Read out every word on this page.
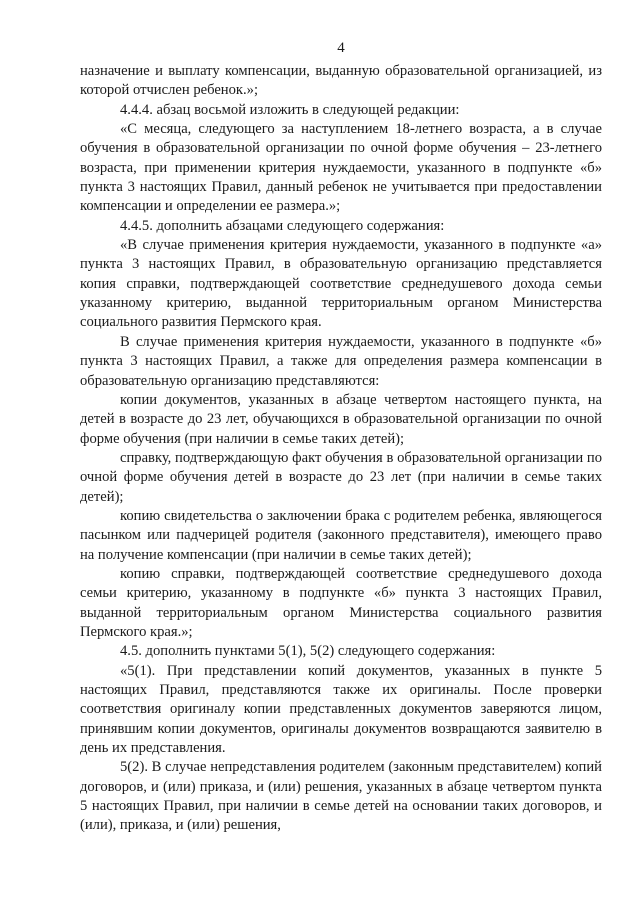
4

назначение и выплату компенсации, выданную образовательной организацией, из которой отчислен ребенок.»;

4.4.4. абзац восьмой изложить в следующей редакции:

«С месяца, следующего за наступлением 18-летнего возраста, а в случае обучения в образовательной организации по очной форме обучения – 23-летнего возраста, при применении критерия нуждаемости, указанного в подпункте «б» пункта 3 настоящих Правил, данный ребенок не учитывается при предоставлении компенсации и определении ее размера.»;

4.4.5. дополнить абзацами следующего содержания:

«В случае применения критерия нуждаемости, указанного в подпункте «а» пункта 3 настоящих Правил, в образовательную организацию представляется копия справки, подтверждающей соответствие среднедушевого дохода семьи указанному критерию, выданной территориальным органом Министерства социального развития Пермского края.

В случае применения критерия нуждаемости, указанного в подпункте «б» пункта 3 настоящих Правил, а также для определения размера компенсации в образовательную организацию представляются:

копии документов, указанных в абзаце четвертом настоящего пункта, на детей в возрасте до 23 лет, обучающихся в образовательной организации по очной форме обучения (при наличии в семье таких детей);

справку, подтверждающую факт обучения в образовательной организации по очной форме обучения детей в возрасте до 23 лет (при наличии в семье таких детей);

копию свидетельства о заключении брака с родителем ребенка, являющегося пасынком или падчерицей родителя (законного представителя), имеющего право на получение компенсации (при наличии в семье таких детей);

копию справки, подтверждающей соответствие среднедушевого дохода семьи критерию, указанному в подпункте «б» пункта 3 настоящих Правил, выданной территориальным органом Министерства социального развития Пермского края.»;

4.5. дополнить пунктами 5(1), 5(2) следующего содержания:

«5(1). При представлении копий документов, указанных в пункте 5 настоящих Правил, представляются также их оригиналы. После проверки соответствия оригиналу копии представленных документов заверяются лицом, принявшим копии документов, оригиналы документов возвращаются заявителю в день их представления.

5(2). В случае непредставления родителем (законным представителем) копий договоров, и (или) приказа, и (или) решения, указанных в абзаце четвертом пункта 5 настоящих Правил, при наличии в семье детей на основании таких договоров, и (или), приказа, и (или) решения,
